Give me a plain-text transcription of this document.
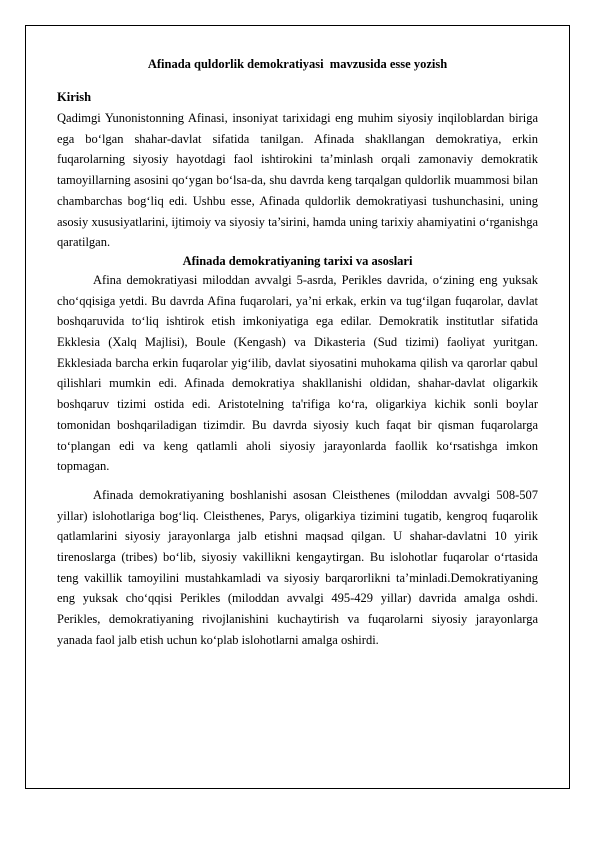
Afinada quldorlik demokratiyasi  mavzusida esse yozish

Kirish

Qadimgi Yunonistonning Afinasi, insoniyat tarixidagi eng muhim siyosiy inqiloblardan biriga ega bo‘lgan shahar-davlat sifatida tanilgan. Afinada shakllangan demokratiya, erkin fuqarolarning siyosiy hayotdagi faol ishtirokini ta’minlash orqali zamonaviy demokratik tamoyillarning asosini qo‘ygan bo‘lsa-da, shu davrda keng tarqalgan quldorlik muammosi bilan chambarchas bog‘liq edi. Ushbu esse, Afinada quldorlik demokratiyasi tushunchasini, uning asosiy xususiyatlarini, ijtimoiy va siyosiy ta’sirini, hamda uning tarixiy ahamiyatini o‘rganishga qaratilgan.

Afinada demokratiyaning tarixi va asoslari

Afina demokratiyasi miloddan avvalgi 5-asrda, Perikles davrida, o‘zining eng yuksak cho‘qqisiga yetdi. Bu davrda Afina fuqarolari, ya’ni erkak, erkin va tug‘ilgan fuqarolar, davlat boshqaruvida to‘liq ishtirok etish imkoniyatiga ega edilar. Demokratik institutlar sifatida Ekklesia (Xalq Majlisi), Boule (Kengash) va Dikasteria (Sud tizimi) faoliyat yuritgan. Ekklesiada barcha erkin fuqarolar yig‘ilib, davlat siyosatini muhokama qilish va qarorlar qabul qilishlari mumkin edi. Afinada demokratiya shakllanishi oldidan, shahar-davlat oligarkik boshqaruv tizimi ostida edi. Aristotelning ta'rifiga ko‘ra, oligarkiya kichik sonli boylar tomonidan boshqariladigan tizimdir. Bu davrda siyosiy kuch faqat bir qisman fuqarolarga to‘plangan edi va keng qatlamli aholi siyosiy jarayonlarda faollik ko‘rsatishga imkon topmagan.

Afinada demokratiyaning boshlanishi asosan Cleisthenes (miloddan avvalgi 508-507 yillar) islohotlariga bog‘liq. Cleisthenes, Parys, oligarkiya tizimini tugatib, kengroq fuqarolik qatlamlarini siyosiy jarayonlarga jalb etishni maqsad qilgan. U shahar-davlatni 10 yirik tirenoslarga (tribes) bo‘lib, siyosiy vakillikni kengaytirgan. Bu islohotlar fuqarolar o‘rtasida teng vakillik tamoyilini mustahkamladi va siyosiy barqarorlikni ta’minladi.Demokratiyaning eng yuksak cho‘qqisi Perikles (miloddan avvalgi 495-429 yillar) davrida amalga oshdi. Perikles, demokratiyaning rivojlanishini kuchaytirish va fuqarolarni siyosiy jarayonlarga yanada faol jalb etish uchun ko‘plab islohotlarni amalga oshirdi.
